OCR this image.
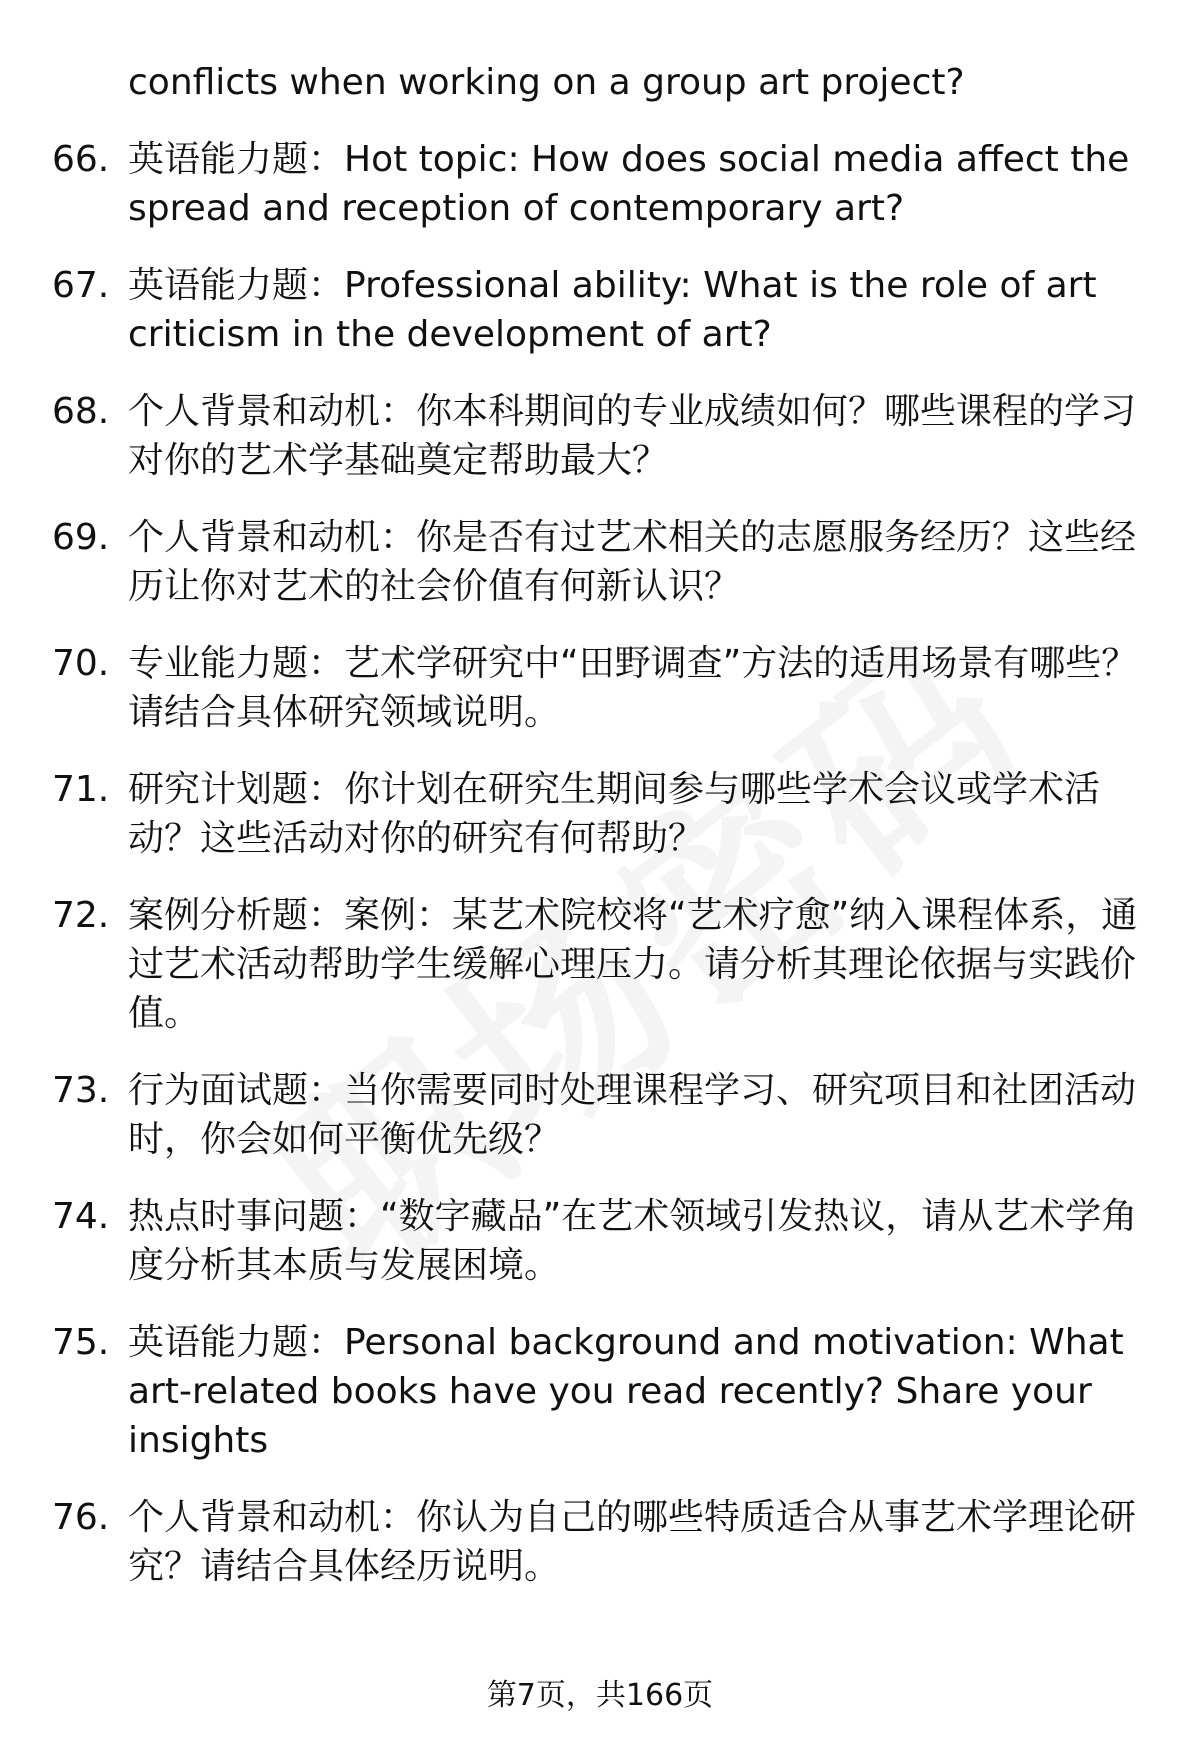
conflicts when working on a group art project?
66. 英语能力题：Hot topic: How does social media affect the spread and reception of contemporary art?
67. 英语能力题：Professional ability: What is the role of art criticism in the development of art?
68. 个人背景和动机：你本科期间的专业成绩如何？哪些课程的学习对你的艺术学基础奠定帮助最大？
69. 个人背景和动机：你是否有过艺术相关的志愿服务经历？这些经历让你对艺术的社会价值有何新认识？
70. 专业能力题：艺术学研究中“田野调查”方法的适用场景有哪些？请结合具体研究领域说明。
71. 研究计划题：你计划在研究生期间参与哪些学术会议或学术活动？这些活动对你的研究有何帮助？
72. 案例分析题：案例：某艺术院校将“艺术疗愈”纳入课程体系，通过艺术活动帮助学生缓解心理压力。请分析其理论依据与实践价值。
73. 行为面试题：当你需要同时处理课程学习、研究项目和社团活动时，你会如何平衡优先级？
74. 热点时事问题：“数字藏品”在艺术领域引发热议，请从艺术学角度分析其本质与发展困境。
75. 英语能力题：Personal background and motivation: What art-related books have you read recently? Share your insights
76. 个人背景和动机：你认为自己的哪些特质适合从事艺术学理论研究？请结合具体经历说明。
第7页，共166页
